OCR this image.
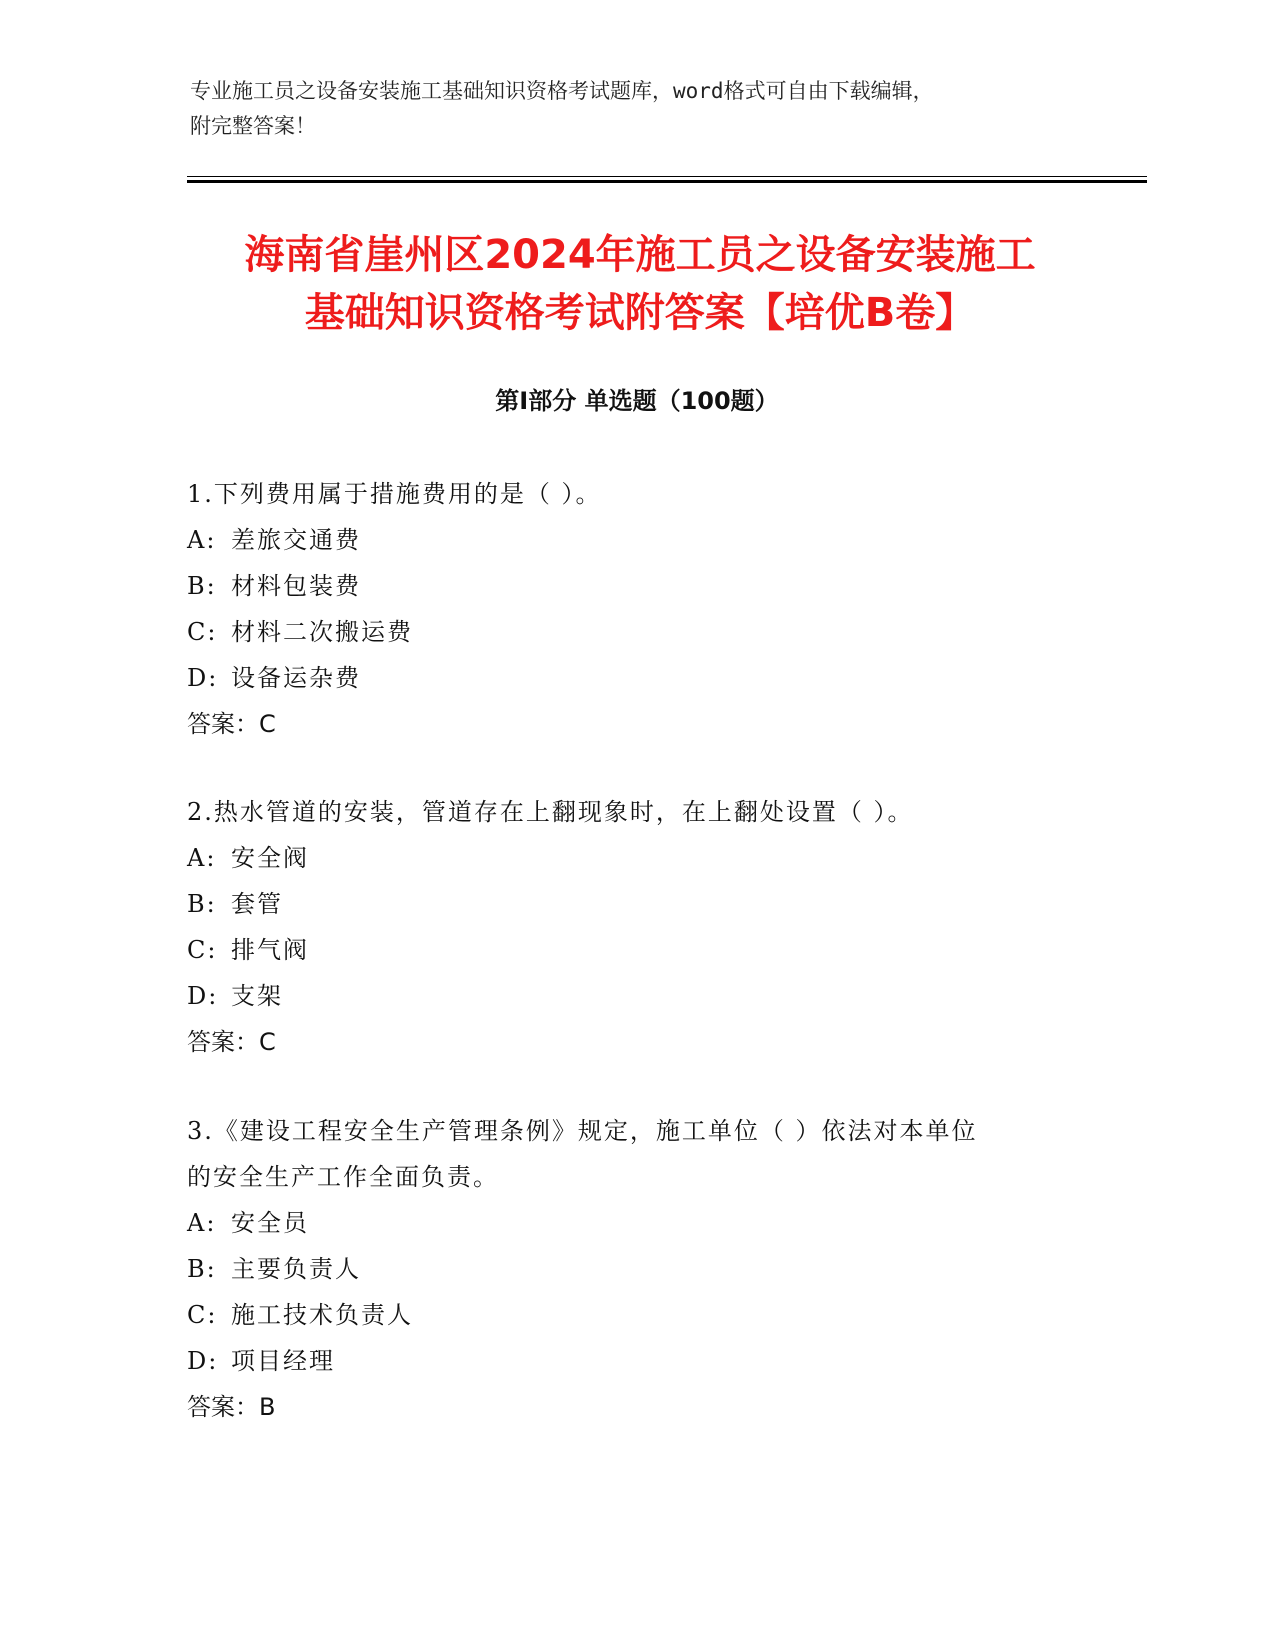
专业施工员之设备安装施工基础知识资格考试题库，word格式可自由下载编辑，
附完整答案！
海南省崖州区2024年施工员之设备安装施工
基础知识资格考试附答案【培优B卷】
第Ⅰ部分 单选题（100题）

1.下列费用属于措施费用的是（ ）。

A: 差旅交通费

B: 材料包装费

C: 材料二次搬运费

D: 设备运杂费

答案：C

2.热水管道的安装，管道存在上翻现象时，在上翻处设置（ ）。

A: 安全阀

B: 套管

C: 排气阀

D: 支架

答案：C

3.《建设工程安全生产管理条例》规定，施工单位（ ）依法对本单位

的安全生产工作全面负责。

A: 安全员

B: 主要负责人

C: 施工技术负责人

D: 项目经理

答案：B
